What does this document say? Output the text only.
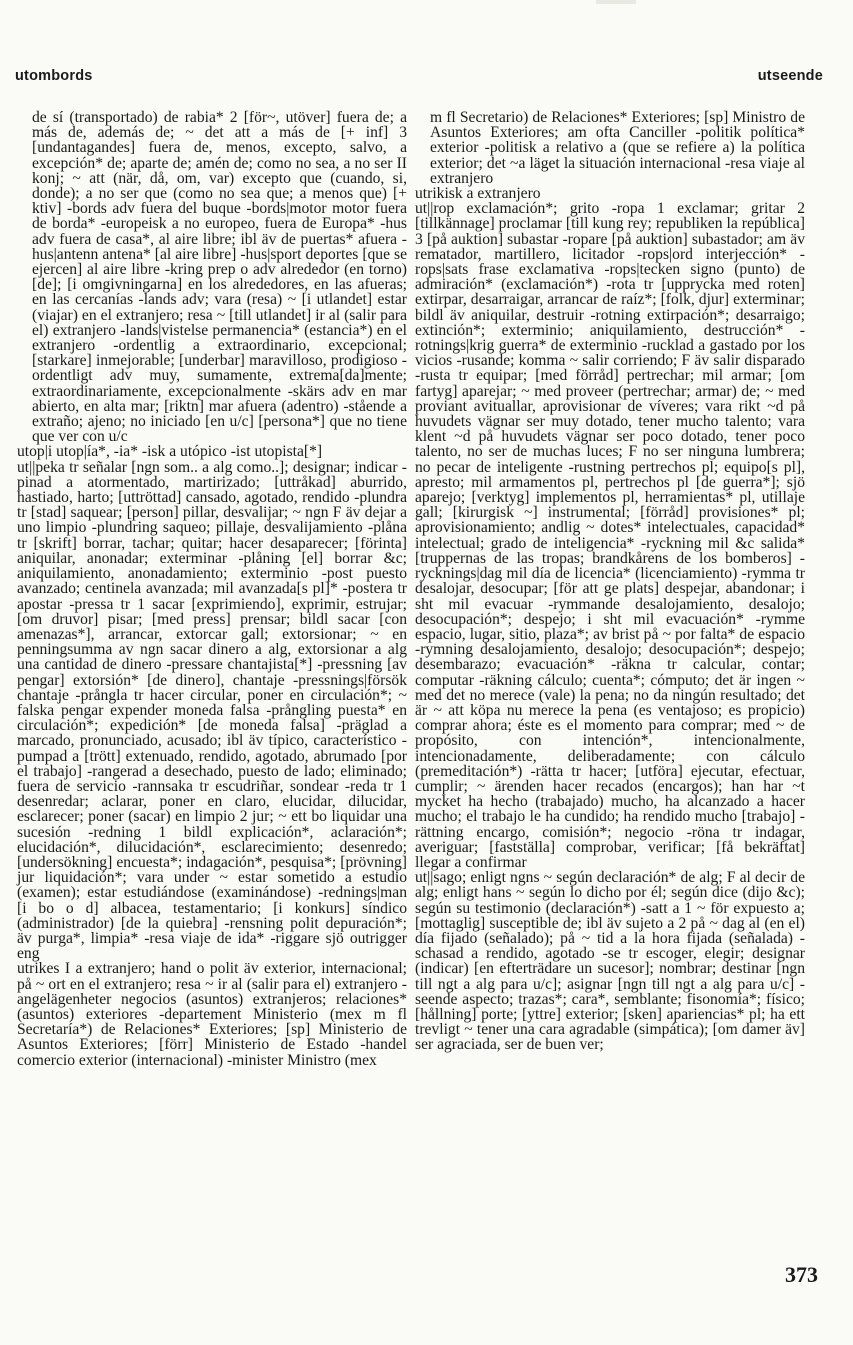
utombords	utseende

de sí (transportado) de rabia* 2 [för~, utöver] fuera de; a más de, además de; ~ det att a más de [+ inf] 3 [undantagandes] fuera de, menos, excepto, salvo, a excepción* de; aparte de; amén de; como no sea, a no ser II konj; ~ att (när, då, om, var) excepto que (cuando, si, donde); a no ser que (como no sea que; a menos que) [+ ktiv] -bords adv fuera del buque -bords|motor motor fuera de borda* -europeisk a no europeo, fuera de Europa* -hus adv fuera de casa*, al aire libre; ibl äv de puertas* afuera -hus|antenn antena* [al aire libre] -hus|sport deportes [que se ejercen] al aire libre -kring prep o adv alrededor (en torno) [de]; [i omgivningarna] en los alrededores, en las afueras; en las cercanías -lands adv; vara (resa) ~ [i utlandet] estar (viajar) en el extranjero; resa ~ [till utlandet] ir al (salir para el) extranjero -lands|vistelse permanencia* (estancia*) en el extranjero -ordentlig a extraordinario, excepcional; [starkare] inmejorable; [underbar] maravilloso, prodigioso -ordentligt adv muy, sumamente, extrema[da]mente; extraordinariamente, excepcionalmente -skärs adv en mar abierto, en alta mar; [riktn] mar afuera (adentro) -stående a extraño; ajeno; no iniciado [en u/c] [persona*] que no tiene que ver con u/c

utop|i utop|ía*, -ia* -isk a utópico -ist utopista[*]

ut||peka tr señalar [ngn som.. a alg como..]; designar; indicar -pinad a atormentado, martirizado; [uttråkad] aburrido, hastiado, harto; [uttröttad] cansado, agotado, rendido -plundra tr [stad] saquear; [person] pillar, desvalijar; ~ ngn F äv dejar a uno limpio -plundring saqueo; pillaje, desvalijamiento -plåna tr [skrift] borrar, tachar; quitar; hacer desaparecer; [förinta] aniquilar, anonadar; exterminar -plåning [el] borrar &c; aniquilamiento, anonadamiento; exterminio -post puesto avanzado; centinela avanzada; mil avanzada[s pl]* -postera tr apostar -pressa tr 1 sacar [exprimiendo], exprimir, estrujar; [om druvor] pisar; [med press] prensar; bildl sacar [con amenazas*], arrancar, extorcar gall; extorsionar; ~ en penningsumma av ngn sacar dinero a alg, extorsionar a alg una cantidad de dinero -pressare chantajista[*] -pressning [av pengar] extorsión* [de dinero], chantaje -pressnings|försök chantaje -prångla tr hacer circular, poner en circulación*; ~ falska pengar expender moneda falsa -prångling puesta* en circulación*; expedición* [de moneda falsa] -präglad a marcado, pronunciado, acusado; ibl äv típico, característico -pumpad a [trött] extenuado, rendido, agotado, abrumado [por el trabajo] -rangerad a desechado, puesto de lado; eliminado; fuera de servicio -rannsaka tr escudriñar, sondear -reda tr 1 desenredar; aclarar, poner en claro, elucidar, dilucidar, esclarecer; poner (sacar) en limpio 2 jur; ~ ett bo liquidar una sucesión -redning 1 bildl explicación*, aclaración*; elucidación*, dilucidación*, esclarecimiento; desenredo; [undersökning] encuesta*; indagación*, pesquisa*; [prövning] jur liquidación*; vara under ~ estar sometido a estudio (examen); estar estudiándose (examinándose) -rednings|man [i bo o d] albacea, testamentario; [i konkurs] síndico (administrador) [de la quiebra] -rensning polit depuración*; äv purga*, limpia* -resa viaje de ida* -riggare sjö outrigger eng

utrikes I a extranjero; hand o polit äv exterior, internacional; på ~ ort en el extranjero; resa ~ ir al (salir para el) extranjero -angelägenheter negocios (asuntos) extranjeros; relaciones* (asuntos) exteriores -departement Ministerio (mex m fl Secretaría*) de Relaciones* Exteriores; [sp] Ministerio de Asuntos Exteriores; [förr] Ministerio de Estado -handel comercio exterior (internacional) -minister Ministro (mex

m fl Secretario) de Relaciones* Exteriores; [sp] Ministro de Asuntos Exteriores; am ofta Canciller -politik política* exterior -politisk a relativo a (que se refiere a) la política exterior; det ~a läget la situación internacional -resa viaje al extranjero

utrikisk a extranjero

ut||rop exclamación*; grito -ropa 1 exclamar; gritar 2 [tillkännage] proclamar [till kung rey; republiken la república] 3 [på auktion] subastar -ropare [på auktion] subastador; am äv rematador, martillero, licitador -rops|ord interjección* -rops|sats frase exclamativa -rops|tecken signo (punto) de admiración* (exclamación*) -rota tr [upprycka med roten] extirpar, desarraigar, arrancar de raíz*; [folk, djur] exterminar; bildl äv aniquilar, destruir -rotning extirpación*; desarraigo; extinción*; exterminio; aniquilamiento, destrucción* -rotnings|krig guerra* de exterminio -rucklad a gastado por los vicios -rusande; komma ~ salir corriendo; F äv salir disparado -rusta tr equipar; [med förråd] pertrechar; mil armar; [om fartyg] aparejar; ~ med proveer (pertrechar; armar) de; ~ med proviant avituallar, aprovisionar de víveres; vara rikt ~d på huvudets vägnar ser muy dotado, tener mucho talento; vara klent ~d på huvudets vägnar ser poco dotado, tener poco talento, no ser de muchas luces; F no ser ninguna lumbrera; no pecar de inteligente -rustning pertrechos pl; equipo[s pl], apresto; mil armamentos pl, pertrechos pl [de guerra*]; sjö aparejo; [verktyg] implementos pl, herramientas* pl, utillaje gall; [kirurgisk ~] instrumental; [förråd] provisiones* pl; aprovisionamiento; andlig ~ dotes* intelectuales, capacidad* intelectual; grado de inteligencia* -ryckning mil &c salida* [truppernas de las tropas; brandkårens de los bomberos] -rycknings|dag mil día de licencia* (licenciamiento) -rymma tr desalojar, desocupar; [för att ge plats] despejar, abandonar; i sht mil evacuar -rymmande desalojamiento, desalojo; desocupación*; despejo; i sht mil evacuación* -rymme espacio, lugar, sitio, plaza*; av brist på ~ por falta* de espacio -rymning desalojamiento, desalojo; desocupación*; despejo; desembarazo; evacuación* -räkna tr calcular, contar; computar -räkning cálculo; cuenta*; cómputo; det är ingen ~ med det no merece (vale) la pena; no da ningún resultado; det är ~ att köpa nu merece la pena (es ventajoso; es propicio) comprar ahora; éste es el momento para comprar; med ~ de propósito, con intención*, intencionalmente, intencionadamente, deliberadamente; con cálculo (premeditación*) -rätta tr hacer; [utföra] ejecutar, efectuar, cumplir; ~ ärenden hacer recados (encargos); han har ~t mycket ha hecho (trabajado) mucho, ha alcanzado a hacer mucho; el trabajo le ha cundido; ha rendido mucho [trabajo] -rättning encargo, comisión*; negocio -röna tr indagar, averiguar; [fastställa] comprobar, verificar; [få bekräftat] llegar a confirmar

ut||sago; enligt ngns ~ según declaración* de alg; F al decir de alg; enligt hans ~ según lo dicho por él; según dice (dijo &c); según su testimonio (declaración*) -satt a 1 ~ för expuesto a; [mottaglig] susceptible de; ibl äv sujeto a 2 på ~ dag al (en el) día fijado (señalado); på ~ tid a la hora fijada (señalada) -schasad a rendido, agotado -se tr escoger, elegir; designar (indicar) [en efterträdare un sucesor]; nombrar; destinar [ngn till ngt a alg para u/c]; asignar [ngn till ngt a alg para u/c] -seende aspecto; trazas*; cara*, semblante; fisonomía*; físico; [hållning] porte; [yttre] exterior; [sken] apariencias* pl; ha ett trevligt ~ tener una cara agradable (simpática); [om damer äv] ser agraciada, ser de buen ver;

373
